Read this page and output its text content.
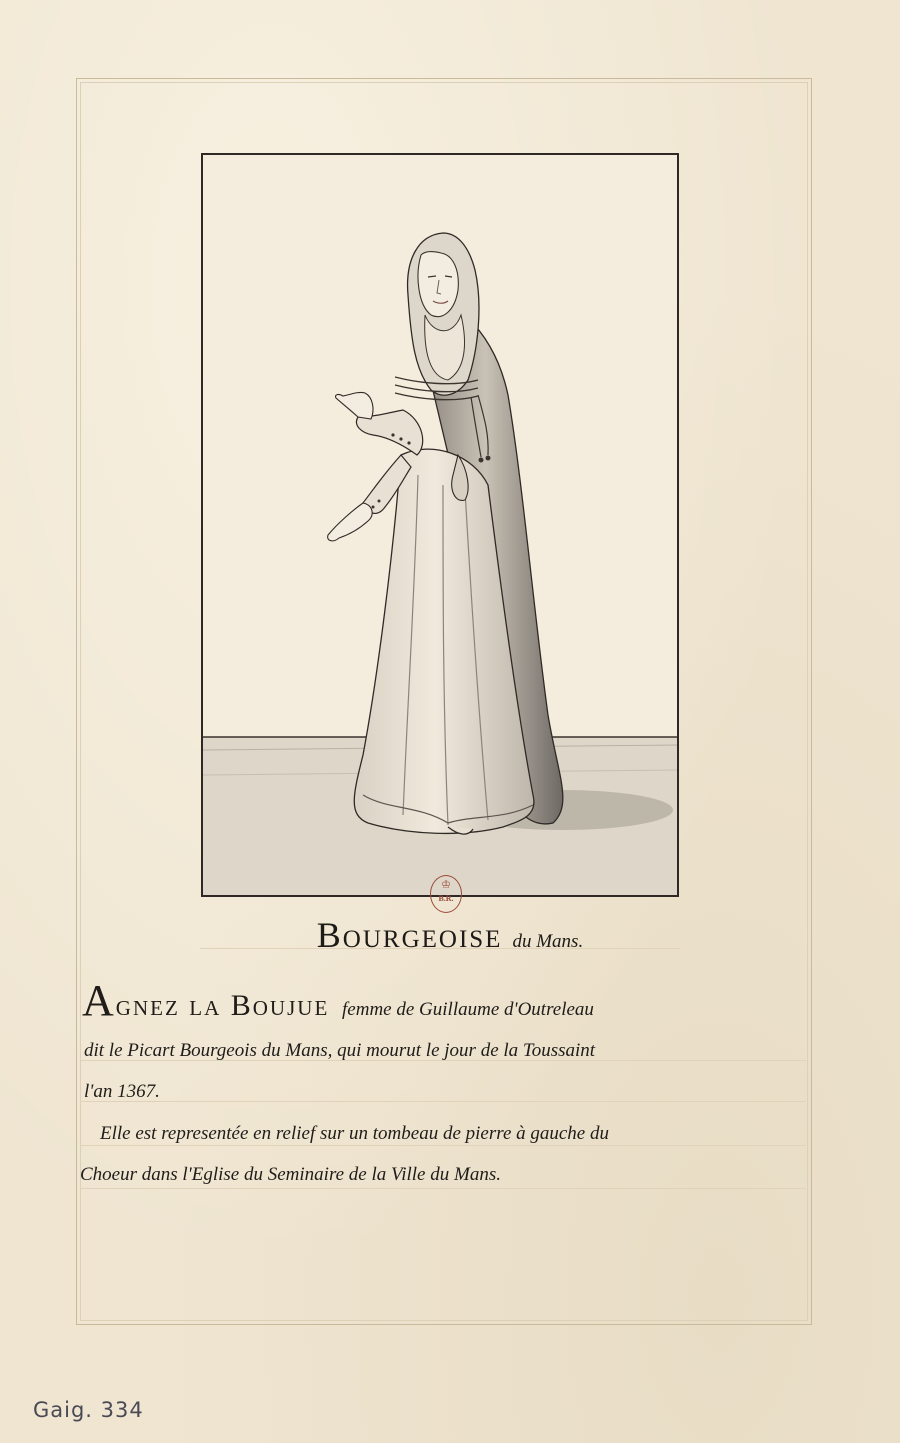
♔
B.R.
Bourgeoise du Mans.
Agnez la Boujue femme de Guillaume d'Outreleau
dit le Picart Bourgeois du Mans, qui mourut le jour de la Toussaint
l'an 1367.
Elle est representée en relief sur un tombeau de pierre à gauche du
Choeur dans l'Eglise du Seminaire de la Ville du Mans.
Gaig. 334
